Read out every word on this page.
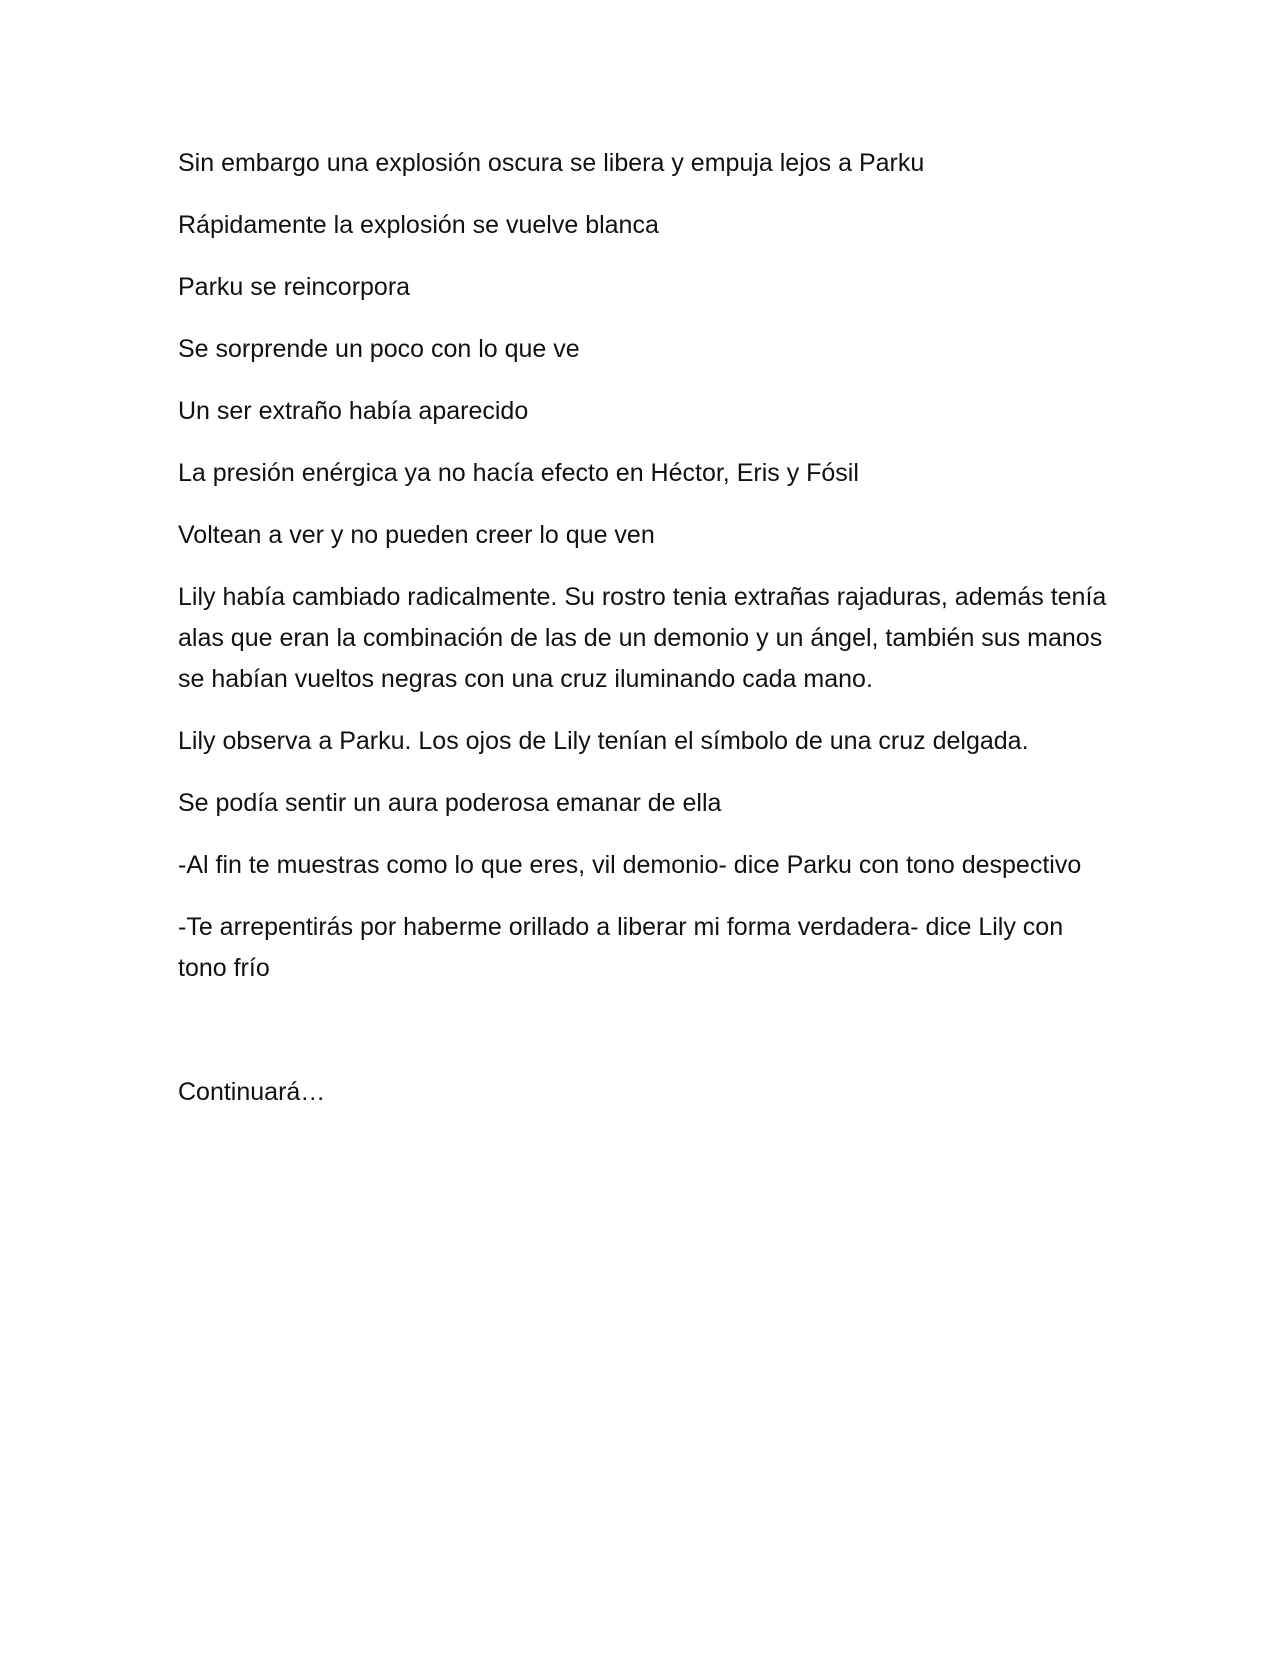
Sin embargo una explosión oscura se libera y empuja lejos a Parku

Rápidamente la explosión se vuelve blanca

Parku se reincorpora

Se sorprende un poco con lo que ve

Un ser extraño había aparecido

La presión enérgica ya no hacía efecto en Héctor, Eris y Fósil

Voltean a ver y no pueden creer lo que ven

Lily había cambiado radicalmente. Su rostro tenia extrañas rajaduras, además tenía alas que eran la combinación de las de un demonio y un ángel, también sus manos se habían vueltos negras con una cruz iluminando cada mano.

Lily observa a Parku. Los ojos de Lily tenían el símbolo de una cruz delgada.

Se podía sentir un aura poderosa emanar de ella

-Al fin te muestras como lo que eres, vil demonio- dice Parku con tono despectivo

-Te arrepentirás por haberme orillado a liberar mi forma verdadera- dice Lily con tono frío

Continuará…
